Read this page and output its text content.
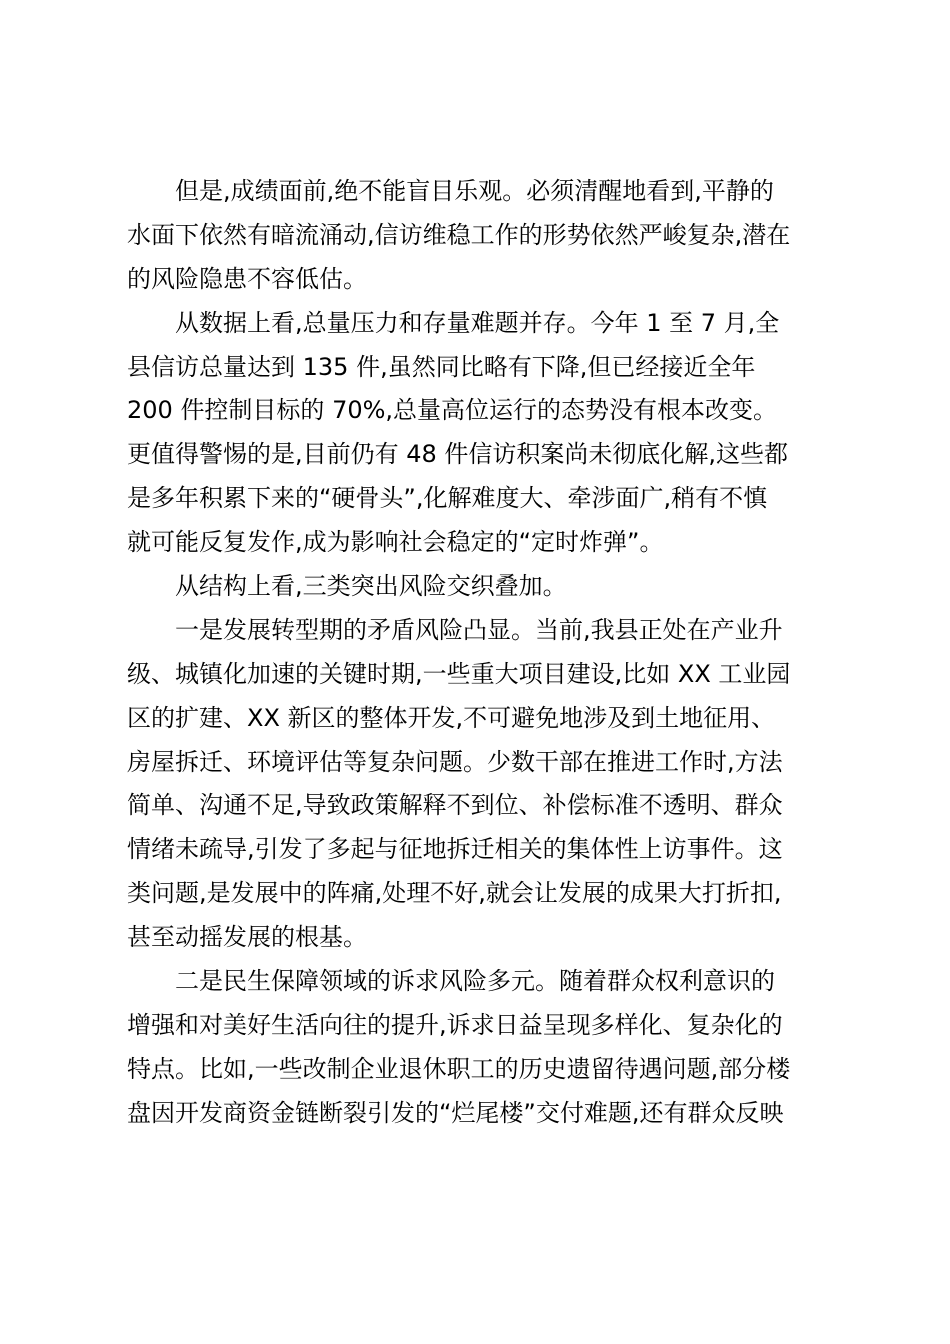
但是,成绩面前,绝不能盲目乐观。必须清醒地看到,平静的
水面下依然有暗流涌动,信访维稳工作的形势依然严峻复杂,潜在
的风险隐患不容低估。
从数据上看,总量压力和存量难题并存。今年 1 至 7 月,全
县信访总量达到 135 件,虽然同比略有下降,但已经接近全年
200 件控制目标的 70%,总量高位运行的态势没有根本改变。
更值得警惕的是,目前仍有 48 件信访积案尚未彻底化解,这些都
是多年积累下来的“硬骨头”,化解难度大、牵涉面广,稍有不慎
就可能反复发作,成为影响社会稳定的“定时炸弹”。
从结构上看,三类突出风险交织叠加。
一是发展转型期的矛盾风险凸显。当前,我县正处在产业升
级、城镇化加速的关键时期,一些重大项目建设,比如 XX 工业园
区的扩建、XX 新区的整体开发,不可避免地涉及到土地征用、
房屋拆迁、环境评估等复杂问题。少数干部在推进工作时,方法
简单、沟通不足,导致政策解释不到位、补偿标准不透明、群众
情绪未疏导,引发了多起与征地拆迁相关的集体性上访事件。这
类问题,是发展中的阵痛,处理不好,就会让发展的成果大打折扣,
甚至动摇发展的根基。
二是民生保障领域的诉求风险多元。随着群众权利意识的
增强和对美好生活向往的提升,诉求日益呈现多样化、复杂化的
特点。比如,一些改制企业退休职工的历史遗留待遇问题,部分楼
盘因开发商资金链断裂引发的“烂尾楼”交付难题,还有群众反映
